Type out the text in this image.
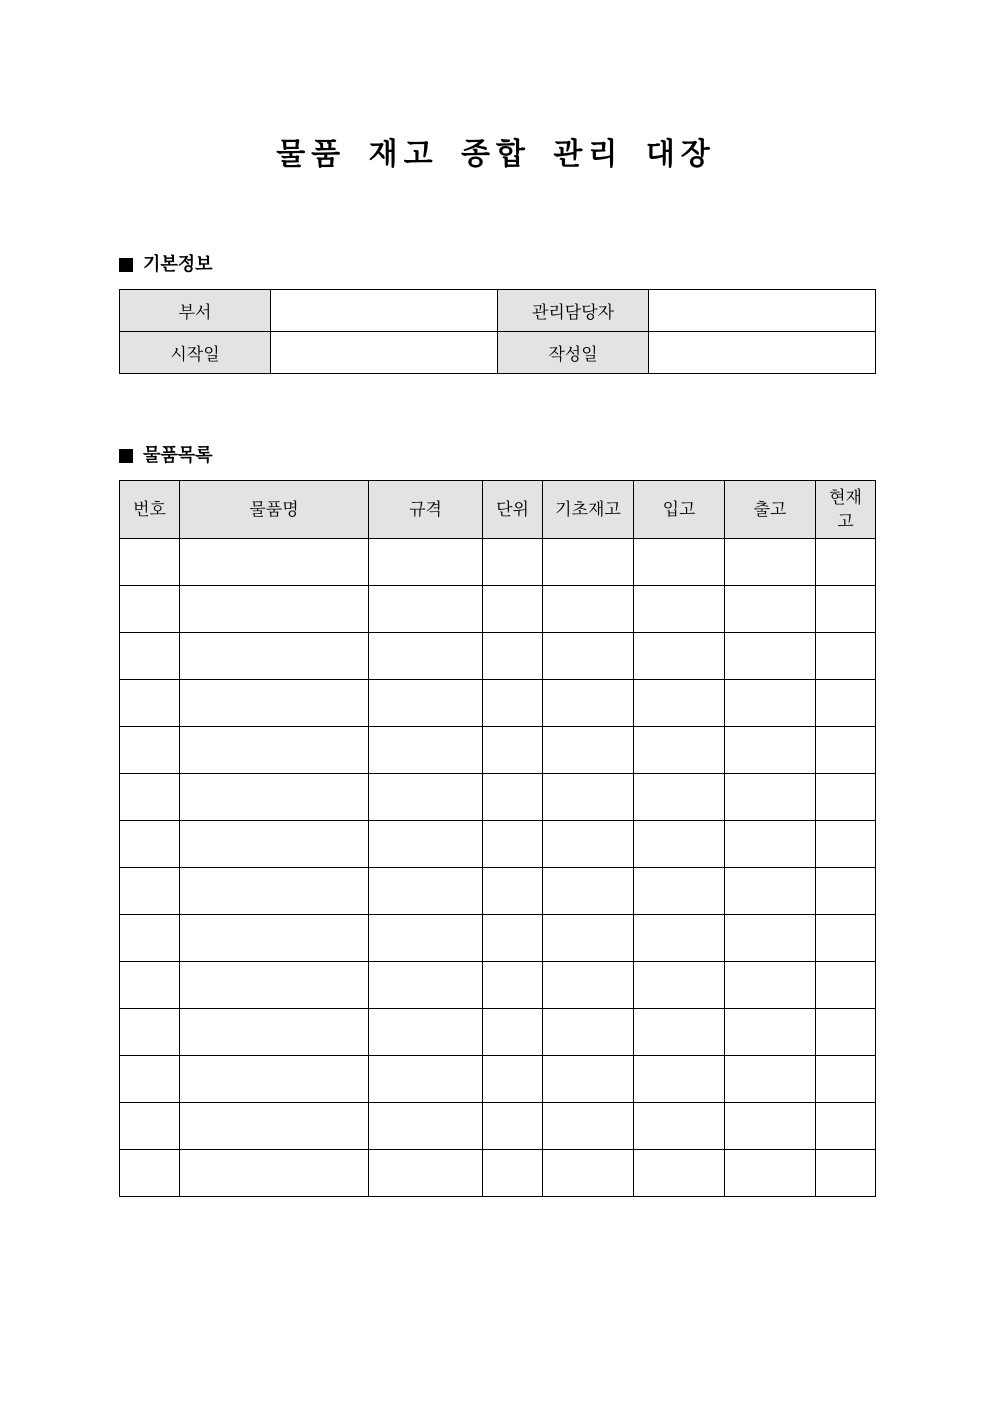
물품 재고 종합 관리 대장
기본정보
부서		관리담당자	
시작일		작성일	
물품목록
번호	물품명	규격	단위	기초재고	입고	출고	현재고
